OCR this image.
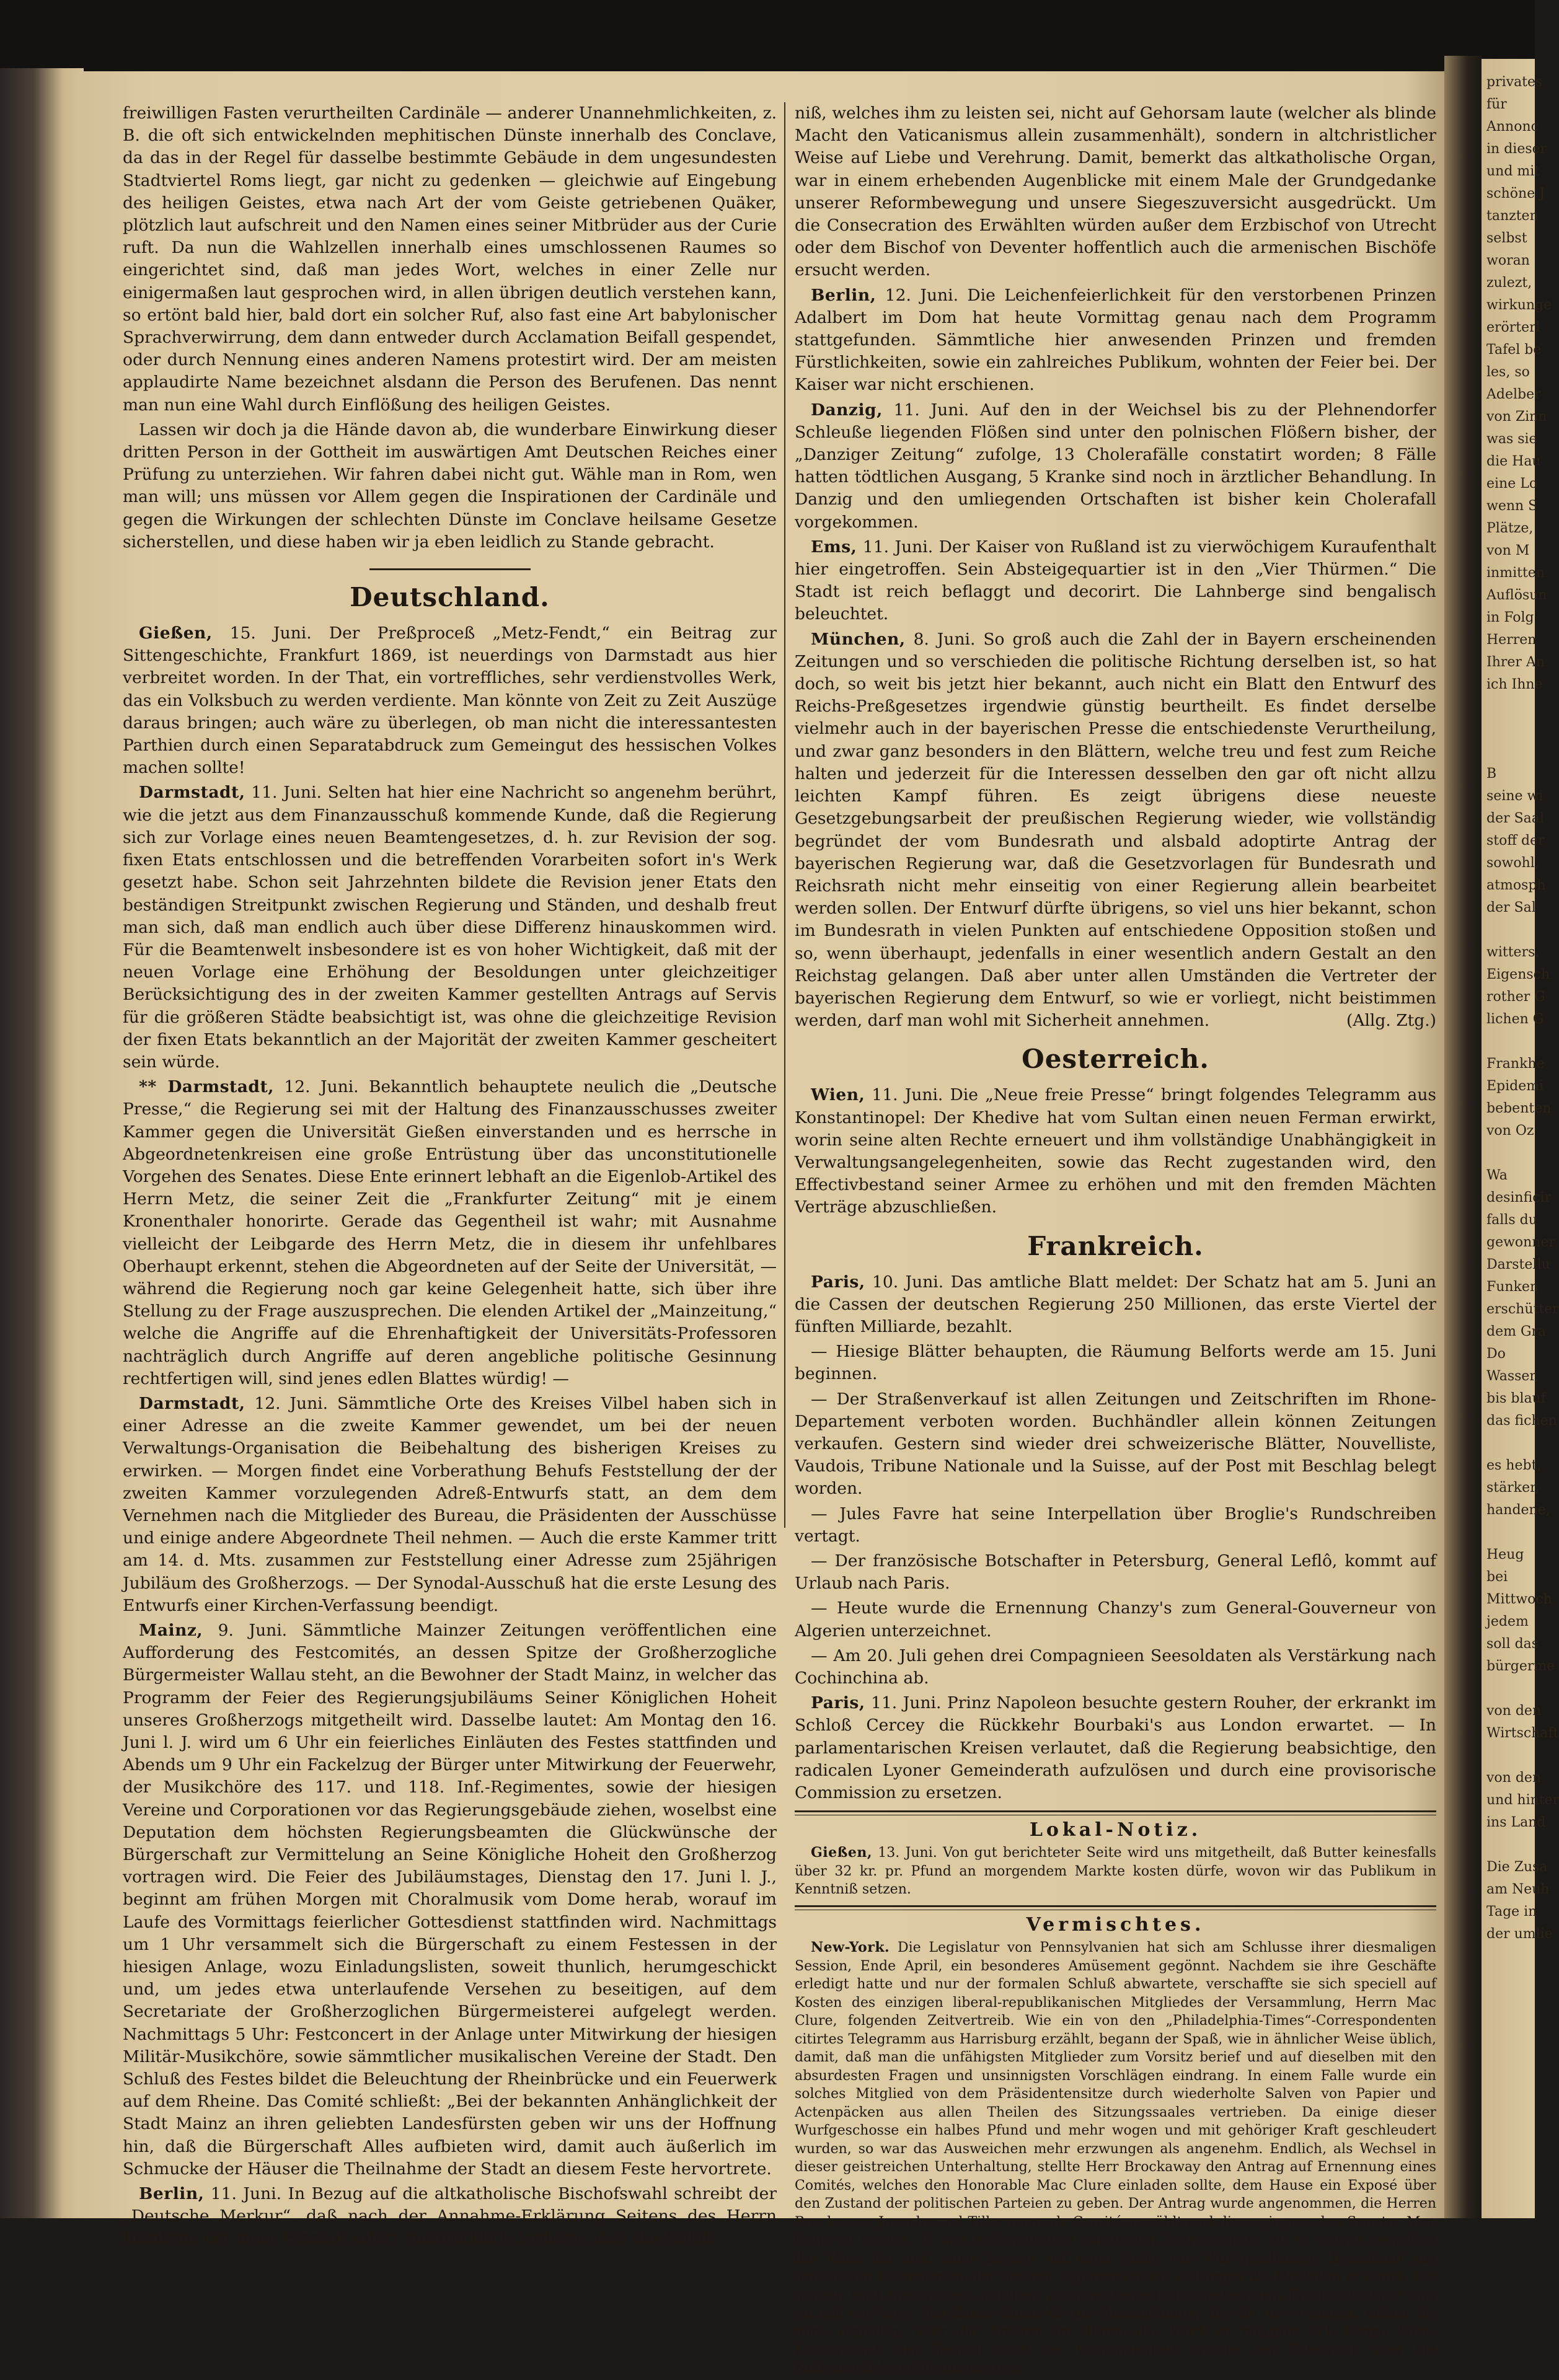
privates
für
Annonc
in dieser
und mit
schöne J
tanzten
selbst
woran
zulezt,
wirkunge
erörterl
Tafel be
les, so
Adelber
von Zinn
was sie
die Hau
eine Lo
wenn S
Plätze,
von M
inmitten
Auflösun
in Folg
Herren
Ihrer An
ich Ihne
B
seine wi
der Saal
stoff der
sowohl,
atmosph
der Sal
witters.
Eigensch
rother G
lichen G
Frankhe
Epidemi
bebenten
von Oz
Wa
desinficir
falls du
gewonner
Darstellu
Funken
erschütter
dem Gra
Do
Wasser,
bis blauf
das fichen
es hebt,
stärker,
handene,
Heug
bei
Mittwoch
jedem
soll das
bürgerme
von den
Wirtschaft
von den
und hinter
ins Land
Die Zusa
am Neuh
Tage in
der umlie

freiwilligen Fasten verurtheilten Cardinäle — anderer Unannehmlichkeiten, z. B. die oft sich entwickelnden mephitischen Dünste innerhalb des Conclave, da das in der Regel für dasselbe bestimmte Gebäude in dem ungesundesten Stadtviertel Roms liegt, gar nicht zu gedenken — gleichwie auf Eingebung des heiligen Geistes, etwa nach Art der vom Geiste getriebenen Quäker, plötzlich laut aufschreit und den Namen eines seiner Mitbrüder aus der Curie ruft. Da nun die Wahlzellen innerhalb eines umschlossenen Raumes so eingerichtet sind, daß man jedes Wort, welches in einer Zelle nur einigermaßen laut gesprochen wird, in allen übrigen deutlich verstehen kann, so ertönt bald hier, bald dort ein solcher Ruf, also fast eine Art babylonischer Sprachverwirrung, dem dann entweder durch Acclamation Beifall gespendet, oder durch Nennung eines anderen Namens protestirt wird. Der am meisten applaudirte Name bezeichnet alsdann die Person des Berufenen. Das nennt man nun eine Wahl durch Einflößung des heiligen Geistes.

Lassen wir doch ja die Hände davon ab, die wunderbare Einwirkung dieser dritten Person in der Gottheit im auswärtigen Amt Deutschen Reiches einer Prüfung zu unterziehen. Wir fahren dabei nicht gut. Wähle man in Rom, wen man will; uns müssen vor Allem gegen die Inspirationen der Cardinäle und gegen die Wirkungen der schlechten Dünste im Conclave heilsame Gesetze sicherstellen, und diese haben wir ja eben leidlich zu Stande gebracht.

Deutschland.

Gießen, 15. Juni. Der Preßproceß „Metz-Fendt,“ ein Beitrag zur Sittengeschichte, Frankfurt 1869, ist neuerdings von Darmstadt aus hier verbreitet worden. In der That, ein vortreffliches, sehr verdienstvolles Werk, das ein Volksbuch zu werden verdiente. Man könnte von Zeit zu Zeit Auszüge daraus bringen; auch wäre zu überlegen, ob man nicht die interessantesten Parthien durch einen Separatabdruck zum Gemeingut des hessischen Volkes machen sollte!

Darmstadt, 11. Juni. Selten hat hier eine Nachricht so angenehm berührt, wie die jetzt aus dem Finanzausschuß kommende Kunde, daß die Regierung sich zur Vorlage eines neuen Beamtengesetzes, d. h. zur Revision der sog. fixen Etats entschlossen und die betreffenden Vorarbeiten sofort in's Werk gesetzt habe. Schon seit Jahrzehnten bildete die Revision jener Etats den beständigen Streitpunkt zwischen Regierung und Ständen, und deshalb freut man sich, daß man endlich auch über diese Differenz hinauskommen wird. Für die Beamtenwelt insbesondere ist es von hoher Wichtigkeit, daß mit der neuen Vorlage eine Erhöhung der Besoldungen unter gleichzeitiger Berücksichtigung des in der zweiten Kammer gestellten Antrags auf Servis für die größeren Städte beabsichtigt ist, was ohne die gleichzeitige Revision der fixen Etats bekanntlich an der Majorität der zweiten Kammer gescheitert sein würde.

** Darmstadt, 12. Juni. Bekanntlich behauptete neulich die „Deutsche Presse,“ die Regierung sei mit der Haltung des Finanzausschusses zweiter Kammer gegen die Universität Gießen einverstanden und es herrsche in Abgeordnetenkreisen eine große Entrüstung über das unconstitutionelle Vorgehen des Senates. Diese Ente erinnert lebhaft an die Eigenlob-Artikel des Herrn Metz, die seiner Zeit die „Frankfurter Zeitung“ mit je einem Kronenthaler honorirte. Gerade das Gegentheil ist wahr; mit Ausnahme vielleicht der Leibgarde des Herrn Metz, die in diesem ihr unfehlbares Oberhaupt erkennt, stehen die Abgeordneten auf der Seite der Universität, — während die Regierung noch gar keine Gelegenheit hatte, sich über ihre Stellung zu der Frage auszusprechen. Die elenden Artikel der „Mainzeitung,“ welche die Angriffe auf die Ehrenhaftigkeit der Universitäts-Professoren nachträglich durch Angriffe auf deren angebliche politische Gesinnung rechtfertigen will, sind jenes edlen Blattes würdig! —

Darmstadt, 12. Juni. Sämmtliche Orte des Kreises Vilbel haben sich in einer Adresse an die zweite Kammer gewendet, um bei der neuen Verwaltungs-Organisation die Beibehaltung des bisherigen Kreises zu erwirken. — Morgen findet eine Vorberathung Behufs Feststellung der der zweiten Kammer vorzulegenden Adreß-Entwurfs statt, an dem dem Vernehmen nach die Mitglieder des Bureau, die Präsidenten der Ausschüsse und einige andere Abgeordnete Theil nehmen. — Auch die erste Kammer tritt am 14. d. Mts. zusammen zur Feststellung einer Adresse zum 25jährigen Jubiläum des Großherzogs. — Der Synodal-Ausschuß hat die erste Lesung des Entwurfs einer Kirchen-Verfassung beendigt.

Mainz, 9. Juni. Sämmtliche Mainzer Zeitungen veröffentlichen eine Aufforderung des Festcomités, an dessen Spitze der Großherzogliche Bürgermeister Wallau steht, an die Bewohner der Stadt Mainz, in welcher das Programm der Feier des Regierungsjubiläums Seiner Königlichen Hoheit unseres Großherzogs mitgetheilt wird. Dasselbe lautet: Am Montag den 16. Juni l. J. wird um 6 Uhr ein feierliches Einläuten des Festes stattfinden und Abends um 9 Uhr ein Fackelzug der Bürger unter Mitwirkung der Feuerwehr, der Musikchöre des 117. und 118. Inf.-Regimentes, sowie der hiesigen Vereine und Corporationen vor das Regierungsgebäude ziehen, woselbst eine Deputation dem höchsten Regierungsbeamten die Glückwünsche der Bürgerschaft zur Vermittelung an Seine Königliche Hoheit den Großherzog vortragen wird. Die Feier des Jubiläumstages, Dienstag den 17. Juni l. J., beginnt am frühen Morgen mit Choralmusik vom Dome herab, worauf im Laufe des Vormittags feierlicher Gottesdienst stattfinden wird. Nachmittags um 1 Uhr versammelt sich die Bürgerschaft zu einem Festessen in der hiesigen Anlage, wozu Einladungslisten, soweit thunlich, herumgeschickt und, um jedes etwa unterlaufende Versehen zu beseitigen, auf dem Secretariate der Großherzoglichen Bürgermeisterei aufgelegt werden. Nachmittags 5 Uhr: Festconcert in der Anlage unter Mitwirkung der hiesigen Militär-Musikchöre, sowie sämmtlicher musikalischen Vereine der Stadt. Den Schluß des Festes bildet die Beleuchtung der Rheinbrücke und ein Feuerwerk auf dem Rheine. Das Comité schließt: „Bei der bekannten Anhänglichkeit der Stadt Mainz an ihren geliebten Landesfürsten geben wir uns der Hoffnung hin, daß die Bürgerschaft Alles aufbieten wird, damit auch äußerlich im Schmucke der Häuser die Theilnahme der Stadt an diesem Feste hervortrete.

Berlin, 11. Juni. In Bezug auf die altkatholische Bischofswahl schreibt der „Deutsche Merkur“, daß nach der Annahme-Erklärung Seitens des Herrn Reinkens der neue Bischof sofort ausdrücklich forderte, daß das Gelöb-

niß, welches ihm zu leisten sei, nicht auf Gehorsam laute (welcher als blinde Macht den Vaticanismus allein zusammenhält), sondern in altchristlicher Weise auf Liebe und Verehrung. Damit, bemerkt das altkatholische Organ, war in einem erhebenden Augenblicke mit einem Male der Grundgedanke unserer Reformbewegung und unsere Siegeszuversicht ausgedrückt. Um die Consecration des Erwählten würden außer dem Erzbischof von Utrecht oder dem Bischof von Deventer hoffentlich auch die armenischen Bischöfe ersucht werden.

Berlin, 12. Juni. Die Leichenfeierlichkeit für den verstorbenen Prinzen Adalbert im Dom hat heute Vormittag genau nach dem Programm stattgefunden. Sämmtliche hier anwesenden Prinzen und fremden Fürstlichkeiten, sowie ein zahlreiches Publikum, wohnten der Feier bei. Der Kaiser war nicht erschienen.

Danzig, 11. Juni. Auf den in der Weichsel bis zu der Plehnendorfer Schleuße liegenden Flößen sind unter den polnischen Flößern bisher, der „Danziger Zeitung“ zufolge, 13 Cholerafälle constatirt worden; 8 Fälle hatten tödtlichen Ausgang, 5 Kranke sind noch in ärztlicher Behandlung. In Danzig und den umliegenden Ortschaften ist bisher kein Cholerafall vorgekommen.

Ems, 11. Juni. Der Kaiser von Rußland ist zu vierwöchigem Kuraufenthalt hier eingetroffen. Sein Absteigequartier ist in den „Vier Thürmen.“ Die Stadt ist reich beflaggt und decorirt. Die Lahnberge sind bengalisch beleuchtet.

München, 8. Juni. So groß auch die Zahl der in Bayern erscheinenden Zeitungen und so verschieden die politische Richtung derselben ist, so hat doch, so weit bis jetzt hier bekannt, auch nicht ein Blatt den Entwurf des Reichs-Preßgesetzes irgendwie günstig beurtheilt. Es findet derselbe vielmehr auch in der bayerischen Presse die entschiedenste Verurtheilung, und zwar ganz besonders in den Blättern, welche treu und fest zum Reiche halten und jederzeit für die Interessen desselben den gar oft nicht allzu leichten Kampf führen. Es zeigt übrigens diese neueste Gesetzgebungsarbeit der preußischen Regierung wieder, wie vollständig begründet der vom Bundesrath und alsbald adoptirte Antrag der bayerischen Regierung war, daß die Gesetzvorlagen für Bundesrath und Reichsrath nicht mehr einseitig von einer Regierung allein bearbeitet werden sollen. Der Entwurf dürfte übrigens, so viel uns hier bekannt, schon im Bundesrath in vielen Punkten auf entschiedene Opposition stoßen und so, wenn überhaupt, jedenfalls in einer wesentlich andern Gestalt an den Reichstag gelangen. Daß aber unter allen Umständen die Vertreter der bayerischen Regierung dem Entwurf, so wie er vorliegt, nicht beistimmen werden, darf man wohl mit Sicherheit annehmen.	(Allg. Ztg.)

Oesterreich.

Wien, 11. Juni. Die „Neue freie Presse“ bringt folgendes Telegramm aus Konstantinopel: Der Khedive hat vom Sultan einen neuen Ferman erwirkt, worin seine alten Rechte erneuert und ihm vollständige Unabhängigkeit in Verwaltungsangelegenheiten, sowie das Recht zugestanden wird, den Effectivbestand seiner Armee zu erhöhen und mit den fremden Mächten Verträge abzuschließen.

Frankreich.

Paris, 10. Juni. Das amtliche Blatt meldet: Der Schatz hat am 5. Juni an die Cassen der deutschen Regierung 250 Millionen, das erste Viertel der fünften Milliarde, bezahlt.

— Hiesige Blätter behaupten, die Räumung Belforts werde am 15. Juni beginnen.

— Der Straßenverkauf ist allen Zeitungen und Zeitschriften im Rhone-Departement verboten worden. Buchhändler allein können Zeitungen verkaufen. Gestern sind wieder drei schweizerische Blätter, Nouvelliste, Vaudois, Tribune Nationale und la Suisse, auf der Post mit Beschlag belegt worden.

— Jules Favre hat seine Interpellation über Broglie's Rundschreiben vertagt.

— Der französische Botschafter in Petersburg, General Leflô, kommt auf Urlaub nach Paris.

— Heute wurde die Ernennung Chanzy's zum General-Gouverneur von Algerien unterzeichnet.

— Am 20. Juli gehen drei Compagnieen Seesoldaten als Verstärkung nach Cochinchina ab.

Paris, 11. Juni. Prinz Napoleon besuchte gestern Rouher, der erkrankt im Schloß Cercey die Rückkehr Bourbaki's aus London erwartet. — In parlamentarischen Kreisen verlautet, daß die Regierung beabsichtige, den radicalen Lyoner Gemeinderath aufzulösen und durch eine provisorische Commission zu ersetzen.

Lokal-Notiz.

Gießen, 13. Juni. Von gut berichteter Seite wird uns mitgetheilt, daß Butter keinesfalls über 32 kr. pr. Pfund an morgendem Markte kosten dürfe, wovon wir das Publikum in Kenntniß setzen.

Vermischtes.

New-York. Die Legislatur von Pennsylvanien hat sich am Schlusse ihrer diesmaligen Session, Ende April, ein besonderes Amüsement gegönnt. Nachdem sie ihre Geschäfte erledigt hatte und nur der formalen Schluß abwartete, verschaffte sie sich speciell auf Kosten des einzigen liberal-republikanischen Mitgliedes der Versammlung, Herrn Mac Clure, folgenden Zeitvertreib. Wie ein von den „Philadelphia-Times“-Correspondenten citirtes Telegramm aus Harrisburg erzählt, begann der Spaß, wie in ähnlicher Weise üblich, damit, daß man die unfähigsten Mitglieder zum Vorsitz berief und auf dieselben mit den absurdesten Fragen und unsinnigsten Vorschlägen eindrang. In einem Falle wurde ein solches Mitglied von dem Präsidentensitze durch wiederholte Salven von Papier und Actenpäcken aus allen Theilen des Sitzungssaales vertrieben. Da einige dieser Wurfgeschosse ein halbes Pfund und mehr wogen und mit gehöriger Kraft geschleudert wurden, so war das Ausweichen mehr erzwungen als angenehm. Endlich, als Wechsel in dieser geistreichen Unterhaltung, stellte Herr Brockaway den Antrag auf Ernennung eines Comités, welches den Honorable Mac Clure einladen sollte, dem Hause ein Exposé über den Zustand der politischen Parteien zu geben. Der Antrag wurde angenommen, die Herren Brockaway, Josephs und Tillermann als Comité gewählt und diese gingen, den Senator Mac Clure zu suchen. Er war bald gefunden und in den Saal escortirt. Als er eintrat, begrüßte das Haus ihn und seine Escorte mit einer Salve von Wurfgeschossen, bestehend aus legislativen Documenten der Session, Cigarrenkasten, Zeitungen 2c. Nachdem er durch den ganzen Saal Spießruthen gelaufen, nahm er seinen Platz neben dem Präsidentensitze und sprach wie folgt: „Ich danke Ihnen für die Auszeichnung, die Sie mir erwiesen, indem Sie mich einluden, über die Reform vor Ihnen das Wort zu nehmen. Ich kenne keine Körperschaft der Neuzeit noch der Vergangenheit, welche der Belehrung über die Nothwendigkeit öffentlicher und
